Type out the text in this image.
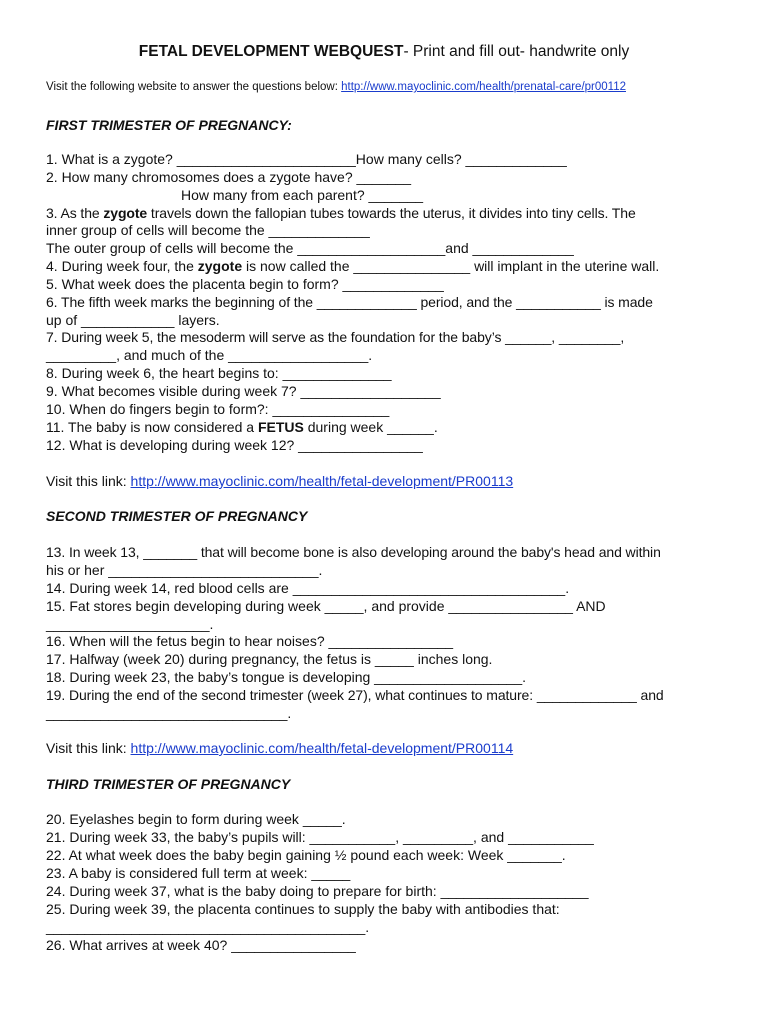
FETAL DEVELOPMENT WEBQUEST- Print and fill out- handwrite only
Visit the following website to answer the questions below: http://www.mayoclinic.com/health/prenatal-care/pr00112
FIRST TRIMESTER OF PREGNANCY:
1. What is a zygote? _______________________How many cells? _____________
2. How many chromosomes does a zygote have? _______
How many from each parent? _______
3. As the zygote travels down the fallopian tubes towards the uterus, it divides into tiny cells. The
inner group of cells will become the _____________
The outer group of cells will become the ___________________and _____________
4. During week four, the zygote is now called the _______________ will implant in the uterine wall.
5. What week does the placenta begin to form? _____________
6. The fifth week marks the beginning of the _____________ period, and the ___________ is made
up of ____________ layers.
7. During week 5, the mesoderm will serve as the foundation for the baby’s ______, ________,
_________, and much of the __________________.
8. During week 6, the heart begins to: ______________
9. What becomes visible during week 7? __________________
10. When do fingers begin to form?: _______________
11. The baby is now considered a FETUS during week ______.
12. What is developing during week 12? ________________
Visit this link: http://www.mayoclinic.com/health/fetal-development/PR00113
SECOND TRIMESTER OF PREGNANCY
13. In week 13, _______ that will become bone is also developing around the baby's head and within
his or her ___________________________.
14. During week 14, red blood cells are ___________________________________.
15. Fat stores begin developing during week _____, and provide ________________ AND
_____________________.
16. When will the fetus begin to hear noises? ________________
17. Halfway (week 20) during pregnancy, the fetus is _____ inches long.
18. During week 23, the baby’s tongue is developing ___________________.
19. During the end of the second trimester (week 27), what continues to mature: _____________ and
_______________________________.
Visit this link: http://www.mayoclinic.com/health/fetal-development/PR00114
THIRD TRIMESTER OF PREGNANCY
20. Eyelashes begin to form during week _____.
21. During week 33, the baby’s pupils will: ___________, _________, and ___________
22. At what week does the baby begin gaining ½ pound each week: Week _______.
23. A baby is considered full term at week: _____
24. During week 37, what is the baby doing to prepare for birth: ___________________
25. During week 39, the placenta continues to supply the baby with antibodies that:
_________________________________________.
26. What arrives at week 40? ________________
